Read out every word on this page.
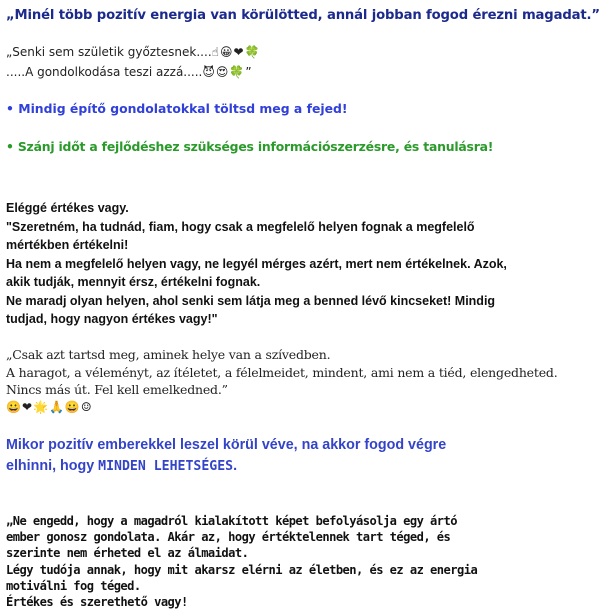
„Minél több pozitív energia van körülötted, annál jobban fogod érezni magadat.”
„Senki sem születik győztesnek....☝😀❤🍀
.....A gondolkodása teszi azzá.....😈😍🍀”
• Mindig építő gondolatokkal töltsd meg a fejed!
• Szánj időt a fejlődéshez szükséges információszerzésre, és tanulásra!
Eléggé értékes vagy.
"Szeretném, ha tudnád, fiam, hogy csak a megfelelő helyen fognak a megfelelő
mértékben értékelni!
Ha nem a megfelelő helyen vagy, ne legyél mérges azért, mert nem értékelnek. Azok,
akik tudják, mennyit érsz, értékelni fognak.
Ne maradj olyan helyen, ahol senki sem látja meg a benned lévő kincseket! Mindig
tudjad, hogy nagyon értékes vagy!"
„Csak azt tartsd meg, aminek helye van a szívedben.
A haragot, a véleményt, az ítéletet, a félelmeidet, mindent, ami nem a tiéd, elengedheted.
Nincs más út. Fel kell emelkedned.”
😀❤🌟🙏😀☺
Mikor pozitív emberekkel leszel körül véve, na akkor fogod végre
elhinni, hogy MINDEN LEHETSÉGES.
„Ne engedd, hogy a magadról kialakított képet befolyásolja egy ártó
ember gonosz gondolata. Akár az, hogy értéktelennek tart téged, és
szerinte nem érheted el az álmaidat.
Légy tudója annak, hogy mit akarsz elérni az életben, és ez az energia
motiválni fog téged.
Értékes és szerethető vagy!
